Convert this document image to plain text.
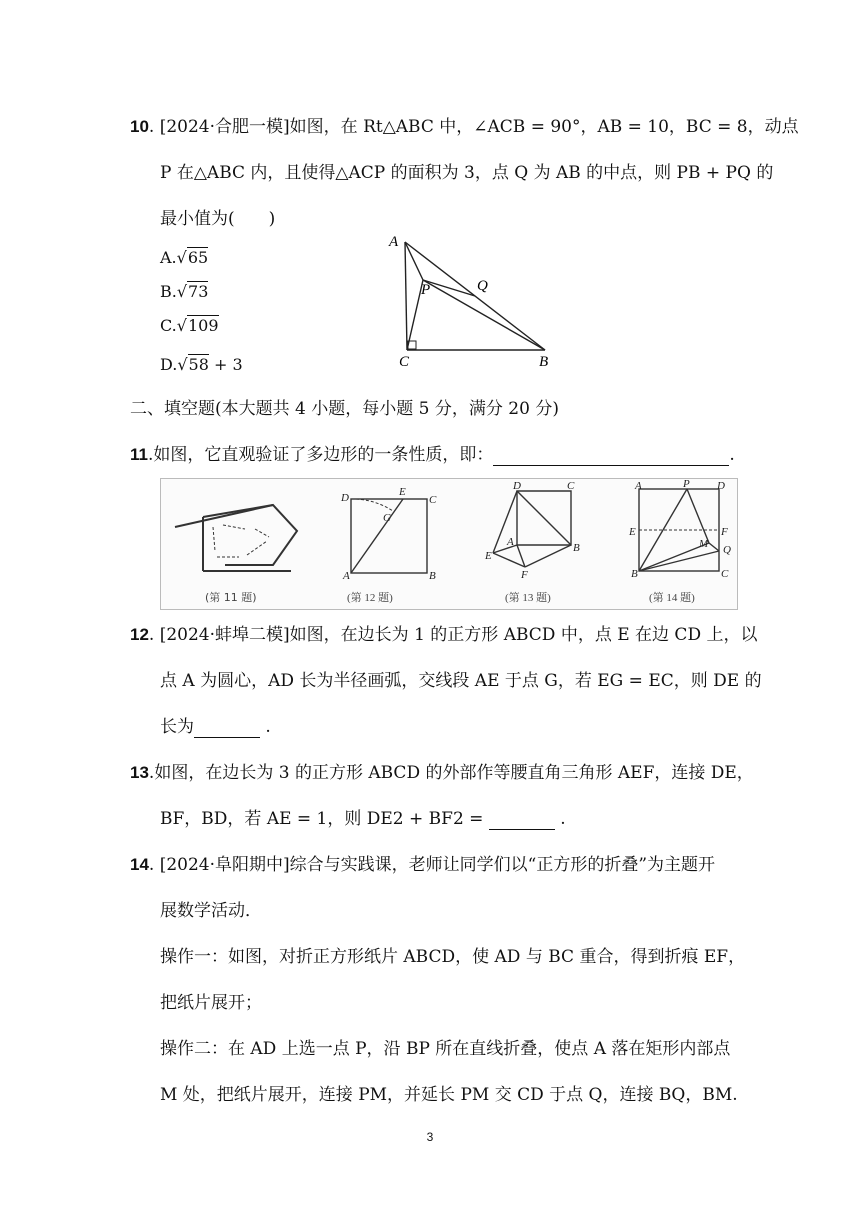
10. [2024·合肥一模]如图，在 Rt△ABC 中，∠ACB = 90°，AB = 10，BC = 8，动点
P 在△ABC 内，且使得△ACP 的面积为 3，点 Q 为 AB 的中点，则 PB + PQ 的
最小值为(　　)
A.√65
B.√73
C.√109
D.√58 + 3
A
P	Q
C	B
二、填空题(本大题共 4 小题，每小题 5 分，满分 20 分)
11.如图，它直观验证了多边形的一条性质，即：	.
(第 11 题)
D	E
C
G
A	B
(第 12 题)
D	C
A	B
E
F
(第 13 题)
A	P D
E	F
M Q
B	C
(第 14 题)
12. [2024·蚌埠二模]如图，在边长为 1 的正方形 ABCD 中，点 E 在边 CD 上，以
点 A 为圆心，AD 长为半径画弧，交线段 AE 于点 G，若 EG = EC，则 DE 的
长为	.
13.如图，在边长为 3 的正方形 ABCD 的外部作等腰直角三角形 AEF，连接 DE，
BF，BD，若 AE = 1，则 DE2 + BF2 =	.
14. [2024·阜阳期中]综合与实践课，老师让同学们以“正方形的折叠”为主题开
展数学活动．
操作一：如图，对折正方形纸片 ABCD，使 AD 与 BC 重合，得到折痕 EF，
把纸片展开；
操作二：在 AD 上选一点 P，沿 BP 所在直线折叠，使点 A 落在矩形内部点
M 处，把纸片展开，连接 PM，并延长 PM 交 CD 于点 Q，连接 BQ，BM.
3
